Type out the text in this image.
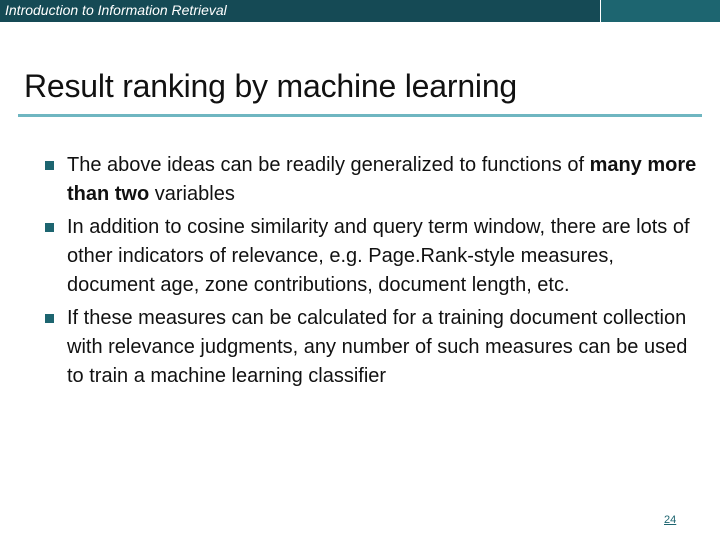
Introduction to Information Retrieval
Result ranking by machine learning
The above ideas can be readily generalized to functions of many more than two variables
In addition to cosine similarity and query term window, there are lots of other indicators of relevance, e.g. Page.Rank-style measures, document age, zone contributions, document length, etc.
If these measures can be calculated for a training document collection with relevance judgments, any number of such measures can be used to train a machine learning classifier
24
